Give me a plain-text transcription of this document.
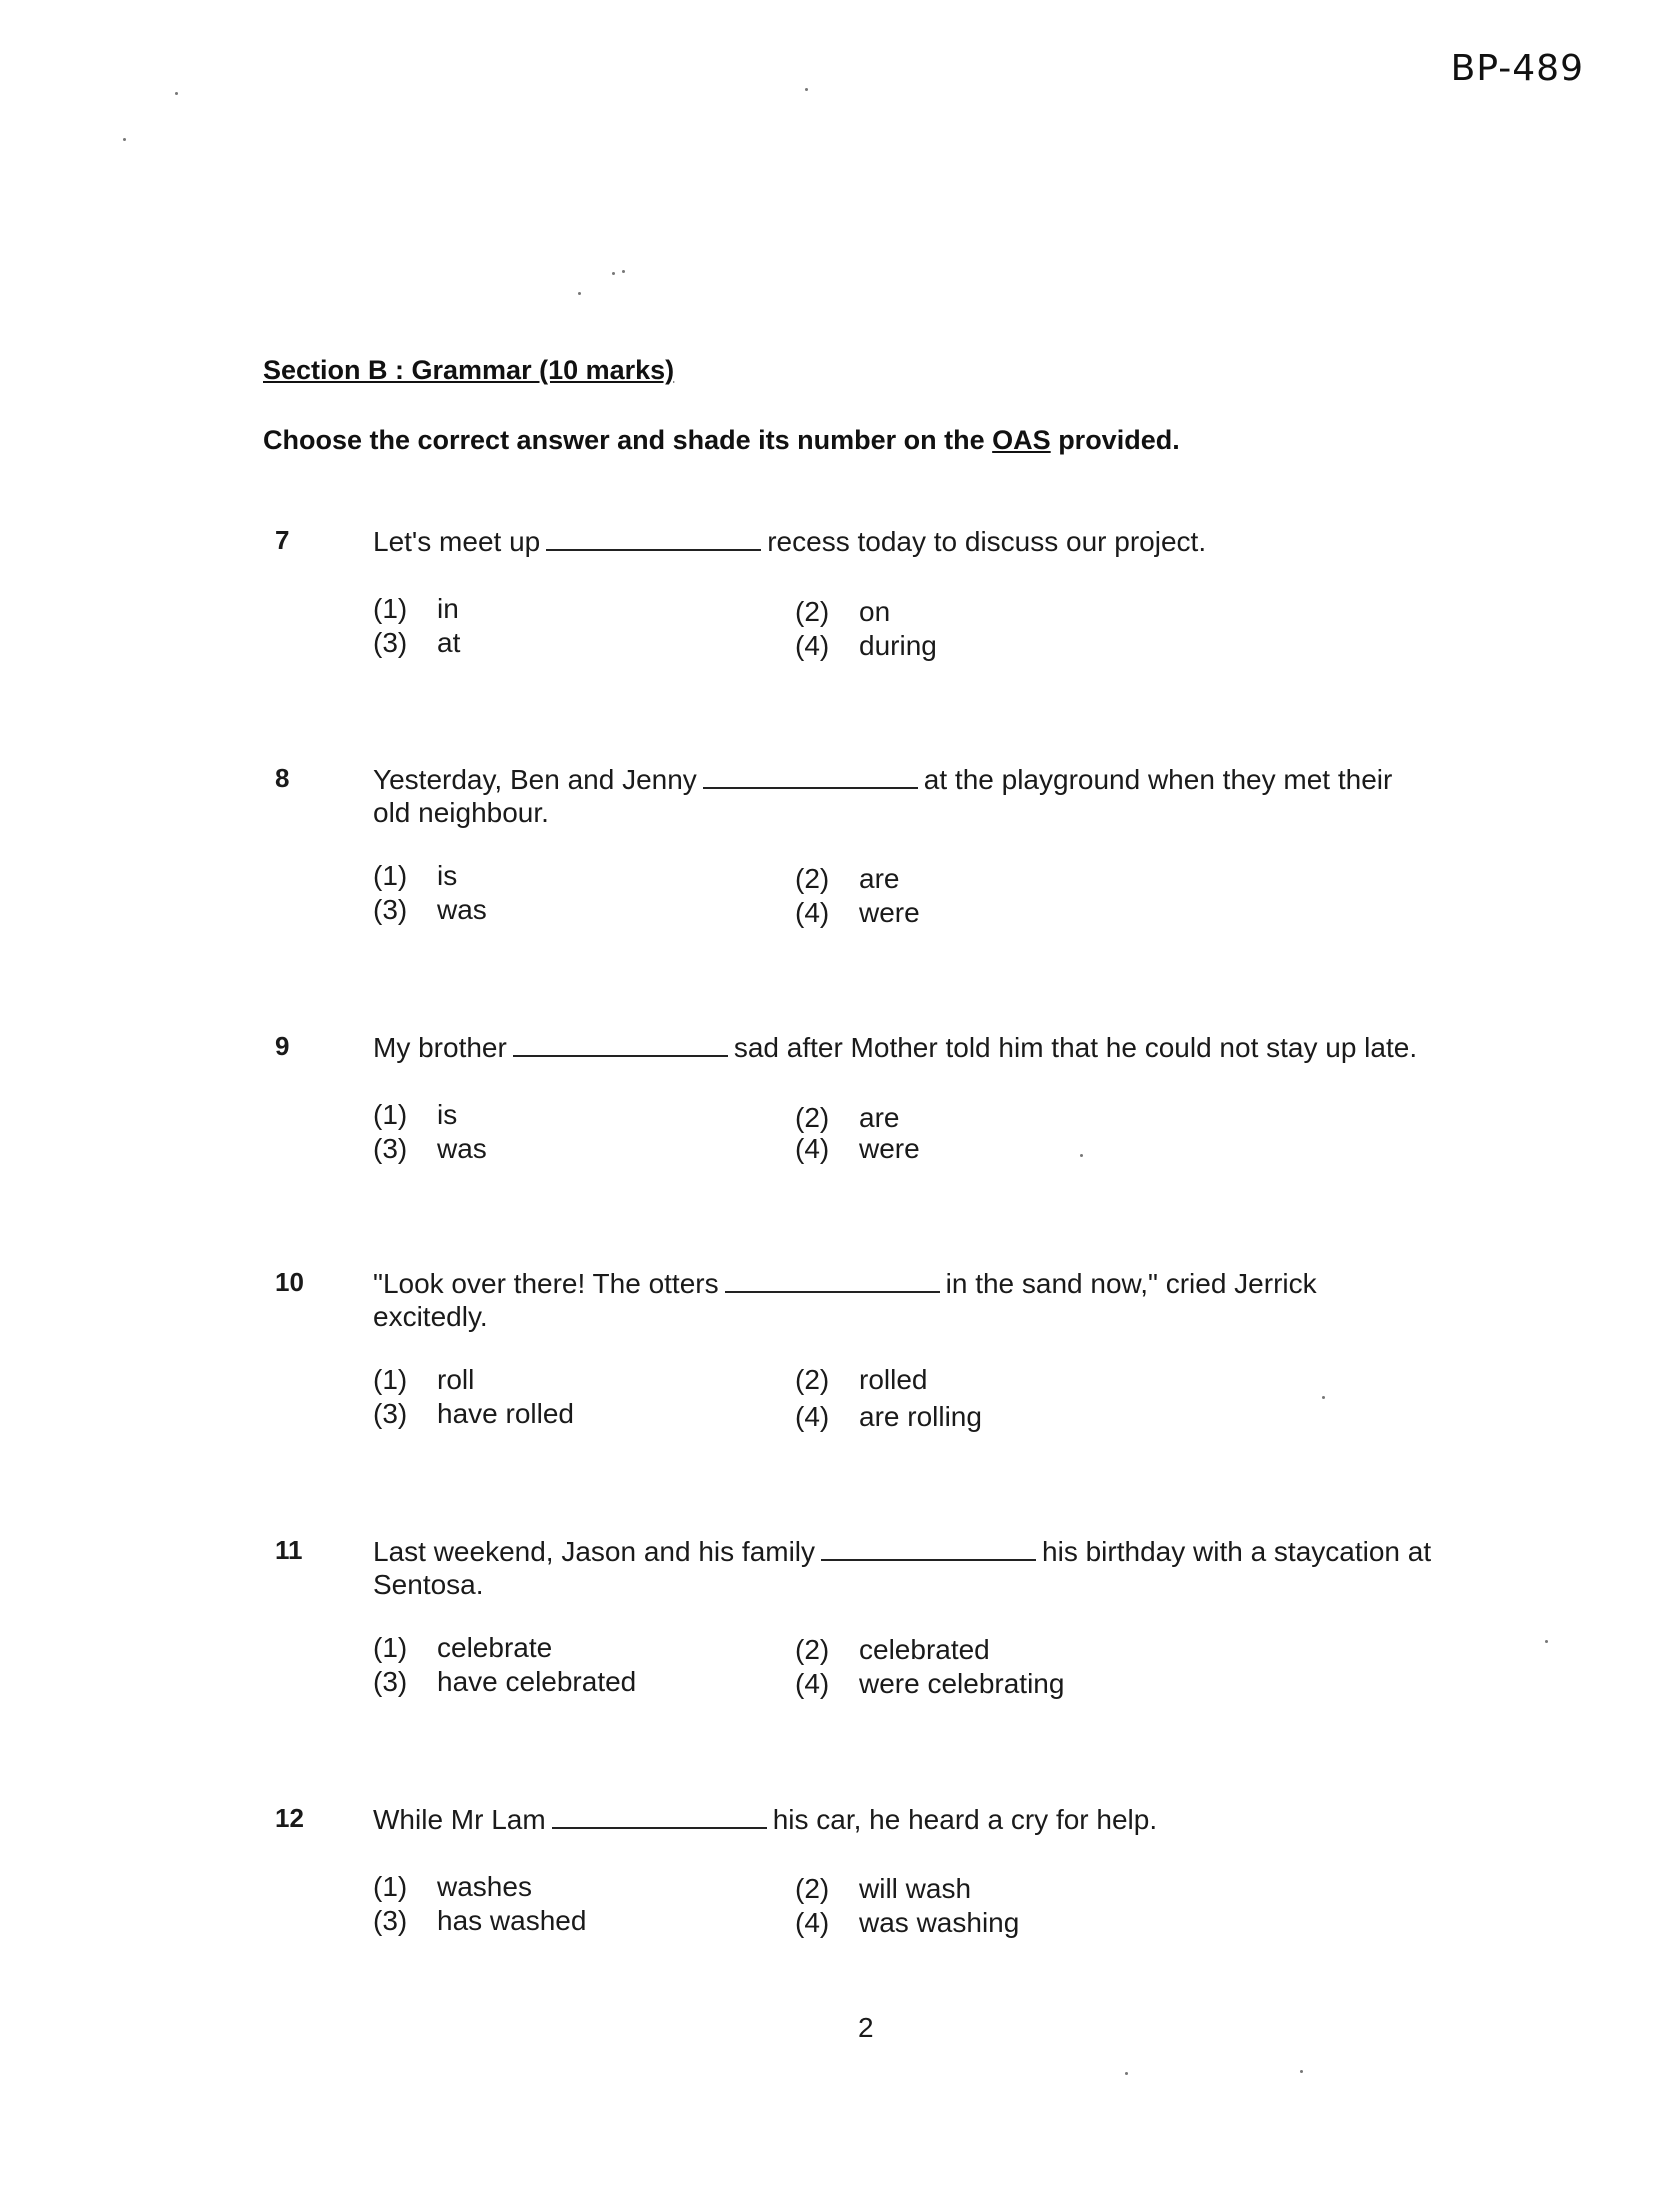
BP-489
Section B : Grammar (10 marks)
Choose the correct answer and shade its number on the OAS provided.
7	Let's meet up	recess today to discuss our project.
(1) in	(2) on
(3) at	(4) during
8	Yesterday, Ben and Jenny	at the playground when they met their old neighbour.
(1) is	(2) are
(3) was	(4) were
9	My brother	sad after Mother told him that he could not stay up late.
(1) is	(2) are
(3) was	(4) were
10 "Look over there! The otters	in the sand now," cried Jerrick excitedly.
(1) roll	(2) rolled
(3) have rolled	(4) are rolling
11	Last weekend, Jason and his family	his birthday with a staycation at Sentosa.
(1) celebrate	(2) celebrated
(3) have celebrated	(4) were celebrating
12 While Mr Lam	his car, he heard a cry for help.
(1) washes	(2) will wash
(3) has washed	(4) was washing
2
